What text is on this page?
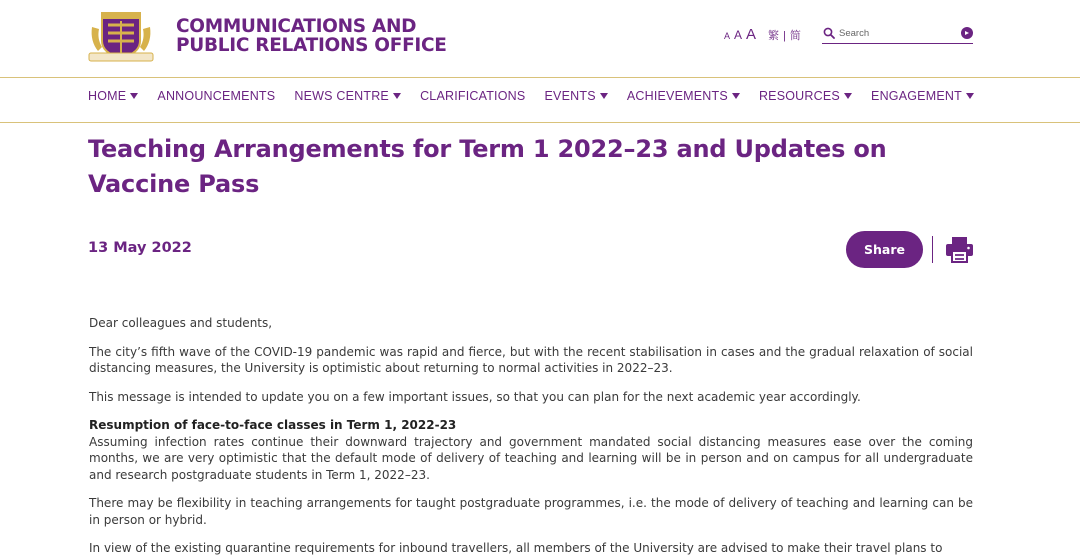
COMMUNICATIONS AND
PUBLIC RELATIONS OFFICE	A A A 繁 | 简
Search
HOME ANNOUNCEMENTS NEWS CENTRE CLARIFICATIONS EVENTS ACHIEVEMENTS RESOURCES ENGAGEMENT
Teaching Arrangements for Term 1 2022–23 and Updates on
Vaccine Pass
13 May 2022	Share

Dear colleagues and students,

The city’s fifth wave of the COVID-19 pandemic was rapid and fierce, but with the recent stabilisation in cases and the gradual relaxation of social distancing measures, the University is optimistic about returning to normal activities in 2022–23.

This message is intended to update you on a few important issues, so that you can plan for the next academic year accordingly.

Resumption of face-to-face classes in Term 1, 2022-23
Assuming infection rates continue their downward trajectory and government mandated social distancing measures ease over the coming months, we are very optimistic that the default mode of delivery of teaching and learning will be in person and on campus for all undergraduate and research postgraduate students in Term 1, 2022–23.

There may be flexibility in teaching arrangements for taught postgraduate programmes, i.e. the mode of delivery of teaching and learning can be in person or hybrid.

In view of the existing quarantine requirements for inbound travellers, all members of the University are advised to make their travel plans to
